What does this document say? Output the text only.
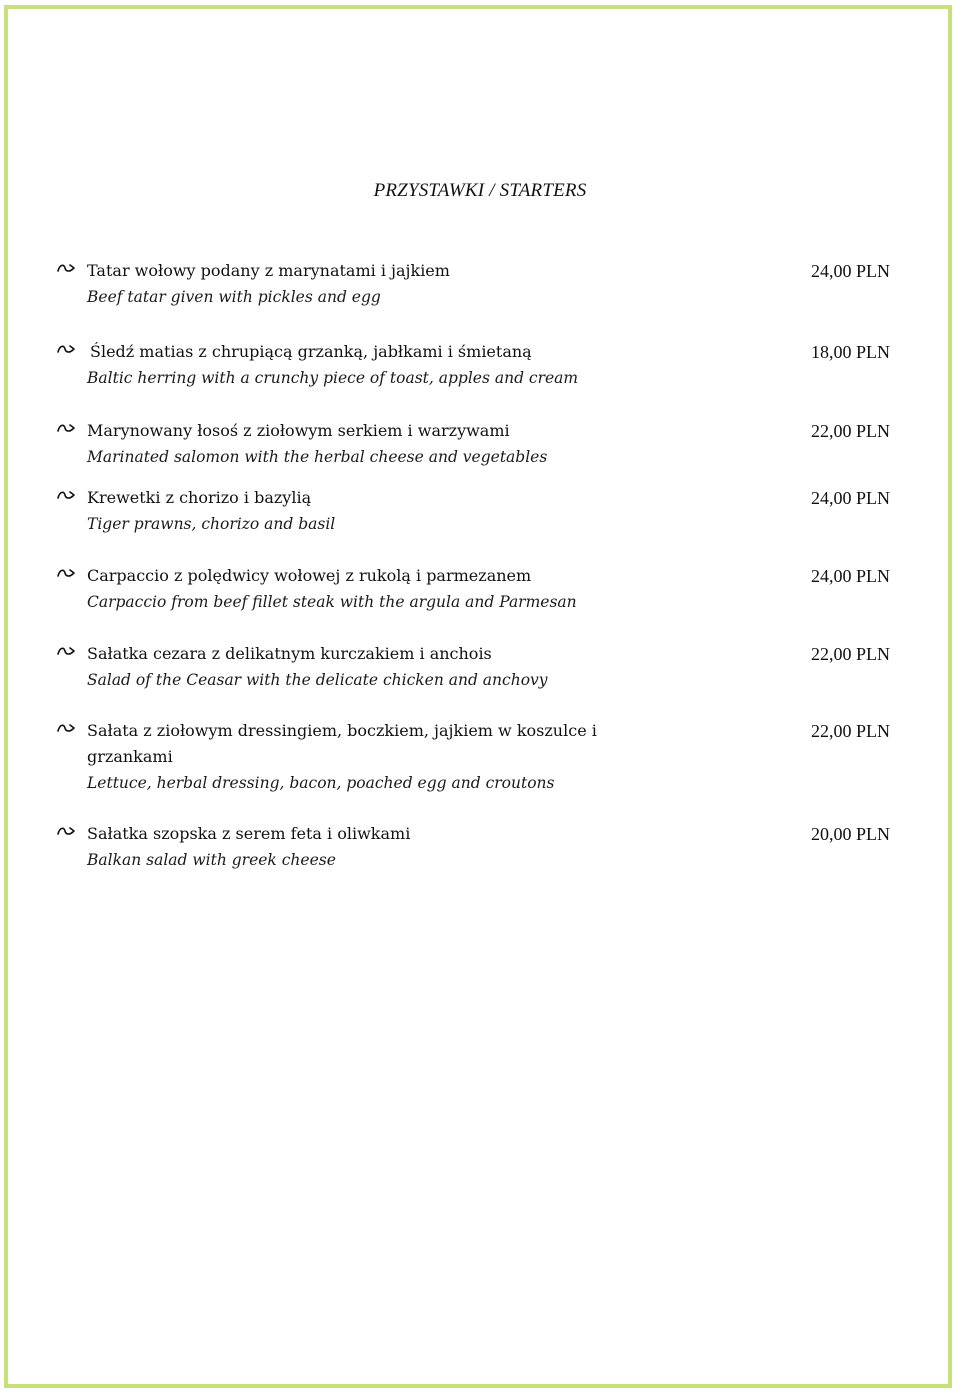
PRZYSTAWKI / STARTERS
Tatar wołowy podany z marynatami i jajkiem
Beef tatar given with pickles and egg
24,00 PLN
Śledź matias z chrupiącą grzanką, jabłkami i śmietaną
Baltic herring with a crunchy piece of toast, apples and cream
18,00 PLN
Marynowany łosoś z ziołowym serkiem i warzywami
Marinated salomon with the herbal cheese and vegetables
22,00 PLN
Krewetki z chorizo i bazylią
Tiger prawns, chorizo and basil
24,00 PLN
Carpaccio z polędwicy wołowej z rukolą i parmezanem
Carpaccio from beef fillet steak with the argula and Parmesan
24,00 PLN
Sałatka cezara z delikatnym kurczakiem i anchois
Salad of the Ceasar with the delicate chicken and anchovy
22,00 PLN
Sałata z ziołowym dressingiem, boczkiem, jajkiem w koszulce i grzankami
Lettuce, herbal dressing, bacon, poached egg and croutons
22,00 PLN
Sałatka szopska z serem feta i oliwkami
Balkan salad with greek cheese
20,00 PLN
